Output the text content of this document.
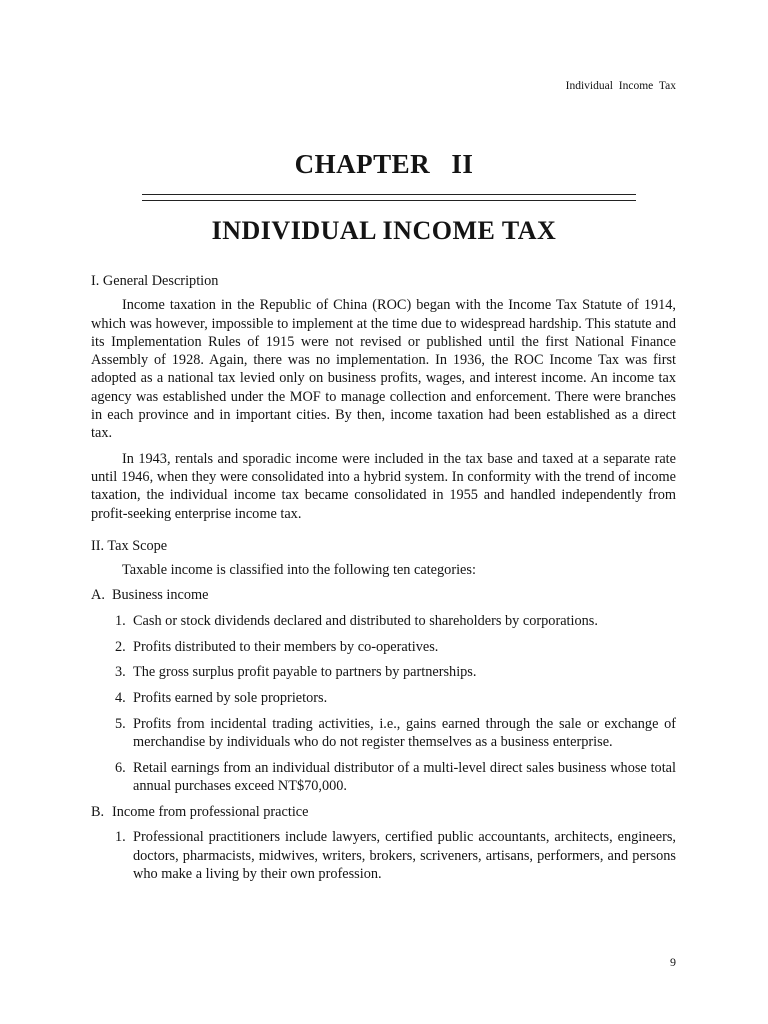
Individual Income Tax
CHAPTER II
INDIVIDUAL INCOME TAX

I. General Description

Income taxation in the Republic of China (ROC) began with the Income Tax Statute of 1914, which was however, impossible to implement at the time due to widespread hardship. This statute and its Implementation Rules of 1915 were not revised or published until the first National Finance Assembly of 1928. Again, there was no implementation. In 1936, the ROC Income Tax was first adopted as a national tax levied only on business profits, wages, and interest income. An income tax agency was established under the MOF to manage collection and enforcement. There were branches in each province and in important cities. By then, income taxation had been established as a direct tax.

In 1943, rentals and sporadic income were included in the tax base and taxed at a separate rate until 1946, when they were consolidated into a hybrid system. In conformity with the trend of income taxation, the individual income tax became consolidated in 1955 and handled independently from profit-seeking enterprise income tax.

II. Tax Scope

Taxable income is classified into the following ten categories:

A. Business income
1. Cash or stock dividends declared and distributed to shareholders by corporations.
2. Profits distributed to their members by co-operatives.
3. The gross surplus profit payable to partners by partnerships.
4. Profits earned by sole proprietors.
5. Profits from incidental trading activities, i.e., gains earned through the sale or exchange of merchandise by individuals who do not register themselves as a business enterprise.
6. Retail earnings from an individual distributor of a multi-level direct sales business whose total annual purchases exceed NT$70,000.
B. Income from professional practice
1. Professional practitioners include lawyers, certified public accountants, architects, engineers, doctors, pharmacists, midwives, writers, brokers, scriveners, artisans, performers, and persons who make a living by their own profession.
9
